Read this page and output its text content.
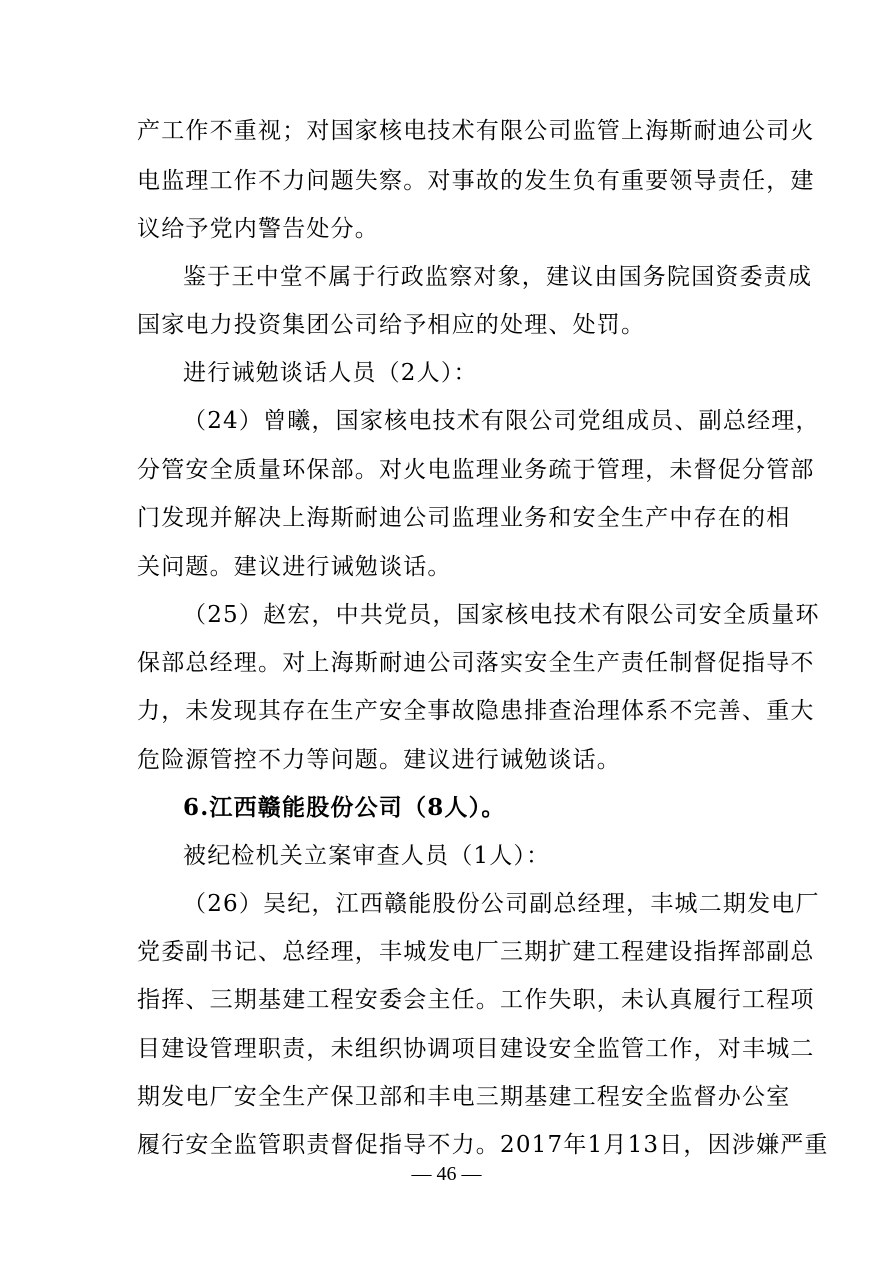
产工作不重视；对国家核电技术有限公司监管上海斯耐迪公司火
电监理工作不力问题失察。对事故的发生负有重要领导责任，建
议给予党内警告处分。
鉴于王中堂不属于行政监察对象，建议由国务院国资委责成
国家电力投资集团公司给予相应的处理、处罚。
进行诫勉谈话人员（2人）：
（24）曾曦，国家核电技术有限公司党组成员、副总经理，
分管安全质量环保部。对火电监理业务疏于管理，未督促分管部
门发现并解决上海斯耐迪公司监理业务和安全生产中存在的相
关问题。建议进行诫勉谈话。
（25）赵宏，中共党员，国家核电技术有限公司安全质量环
保部总经理。对上海斯耐迪公司落实安全生产责任制督促指导不
力，未发现其存在生产安全事故隐患排查治理体系不完善、重大
危险源管控不力等问题。建议进行诫勉谈话。
6.江西赣能股份公司（8人）。
被纪检机关立案审查人员（1人）：
（26）吴纪，江西赣能股份公司副总经理，丰城二期发电厂
党委副书记、总经理，丰城发电厂三期扩建工程建设指挥部副总
指挥、三期基建工程安委会主任。工作失职，未认真履行工程项
目建设管理职责，未组织协调项目建设安全监管工作，对丰城二
期发电厂安全生产保卫部和丰电三期基建工程安全监督办公室
履行安全监管职责督促指导不力。2017年1月13日，因涉嫌严重
— 46 —
